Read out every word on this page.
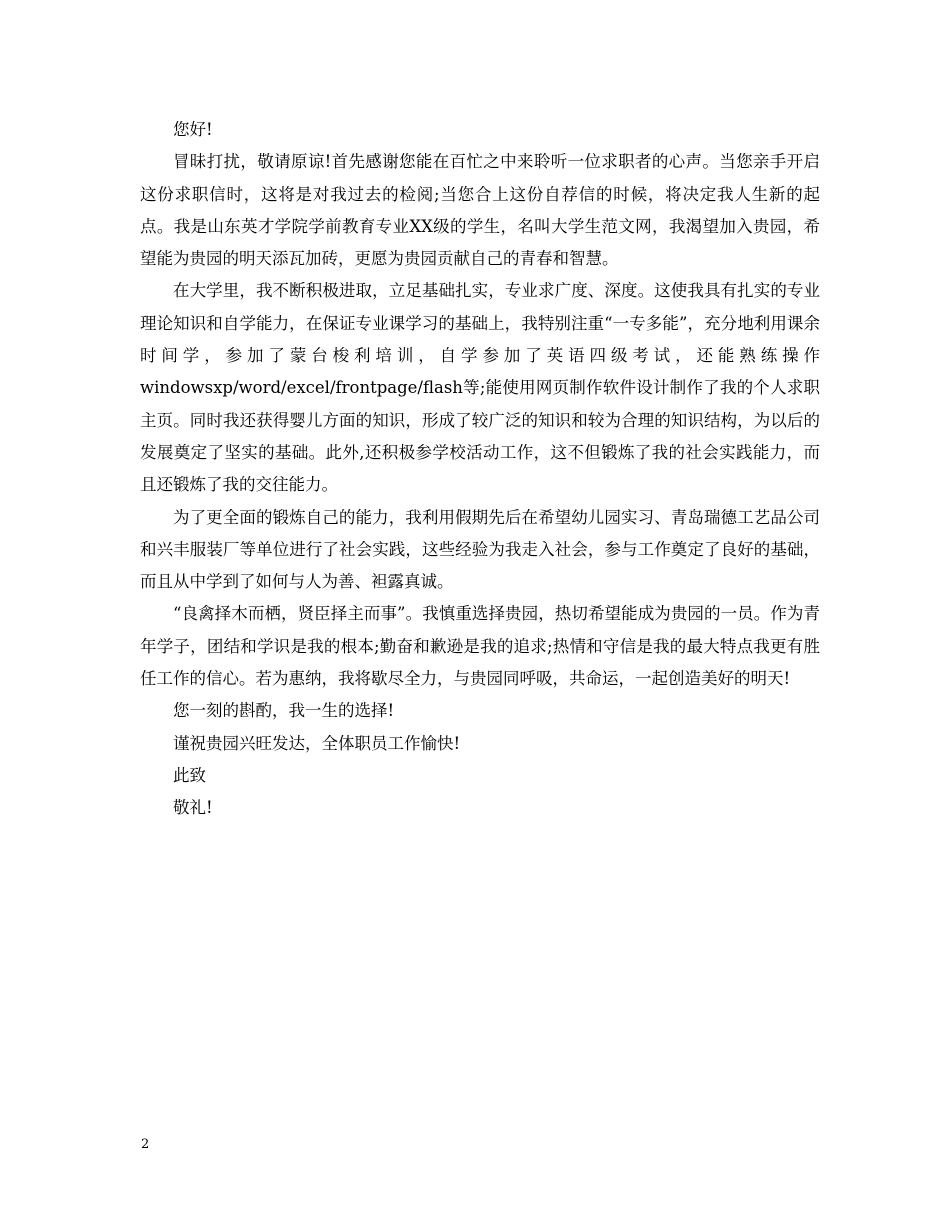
您好!

冒昧打扰，敬请原谅!首先感谢您能在百忙之中来聆听一位求职者的心声。当您亲手开启这份求职信时，这将是对我过去的检阅;当您合上这份自荐信的时候，将决定我人生新的起点。我是山东英才学院学前教育专业XX级的学生，名叫大学生范文网，我渴望加入贵园，希望能为贵园的明天添瓦加砖，更愿为贵园贡献自己的青春和智慧。

在大学里，我不断积极进取，立足基础扎实，专业求广度、深度。这使我具有扎实的专业理论知识和自学能力，在保证专业课学习的基础上，我特别注重“一专多能”，充分地利用课余时间学，参加了蒙台梭利培训，自学参加了英语四级考试，还能熟练操作windowsxp/word/excel/frontpage/flash等;能使用网页制作软件设计制作了我的个人求职主页。同时我还获得婴儿方面的知识，形成了较广泛的知识和较为合理的知识结构，为以后的发展奠定了坚实的基础。此外,还积极参学校活动工作，这不但锻炼了我的社会实践能力，而且还锻炼了我的交往能力。

为了更全面的锻炼自己的能力，我利用假期先后在希望幼儿园实习、青岛瑞德工艺品公司和兴丰服装厂等单位进行了社会实践，这些经验为我走入社会，参与工作奠定了良好的基础，而且从中学到了如何与人为善、袒露真诚。

“良禽择木而栖，贤臣择主而事”。我慎重选择贵园，热切希望能成为贵园的一员。作为青年学子，团结和学识是我的根本;勤奋和歉逊是我的追求;热情和守信是我的最大特点我更有胜任工作的信心。若为惠纳，我将歇尽全力，与贵园同呼吸，共命运，一起创造美好的明天!

您一刻的斟酌，我一生的选择!

谨祝贵园兴旺发达，全体职员工作愉快!

此致

敬礼!

2
